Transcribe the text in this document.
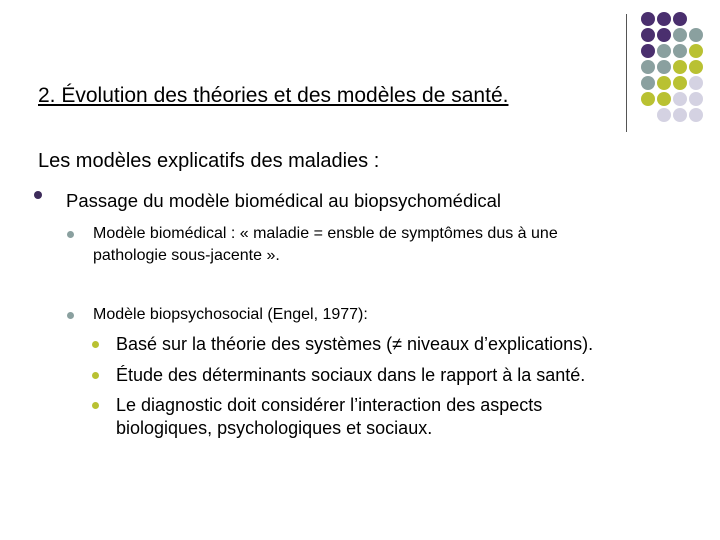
2. Évolution des théories et des modèles de santé.
Les modèles explicatifs des maladies :
Passage du modèle biomédical au biopsychomédical
Modèle biomédical : « maladie = ensble de symptômes dus à une
pathologie sous-jacente ».
Modèle biopsychosocial (Engel, 1977):
Basé sur la théorie des systèmes (≠ niveaux d’explications).
Étude des déterminants sociaux dans le rapport à la santé.
Le diagnostic doit considérer l’interaction des aspects
biologiques, psychologiques et sociaux.
